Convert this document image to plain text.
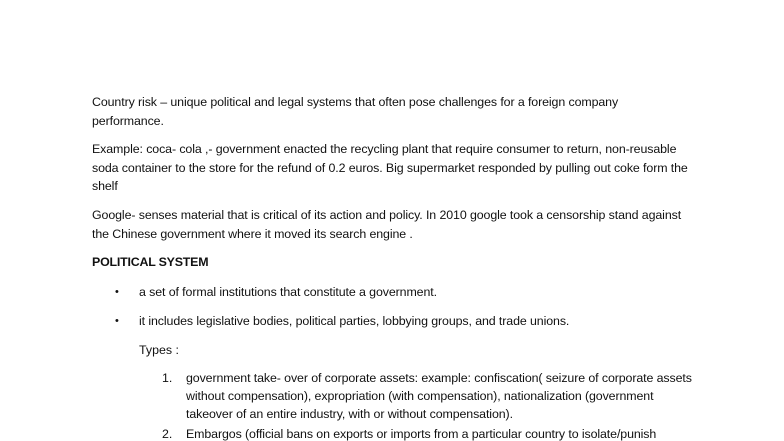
Country risk – unique political and legal systems that often pose challenges for a foreign company performance.

Example: coca- cola ,- government enacted the recycling plant that require consumer to return, non-reusable soda container to the store for the refund of 0.2 euros. Big supermarket responded by pulling out coke form the shelf

Google- senses material that is critical of its action and policy. In 2010 google took a censorship stand against the Chinese government where it moved its search engine .

POLITICAL SYSTEM
• a set of formal institutions that constitute a government.

• it includes legislative bodies, political parties, lobbying groups, and trade unions.

Types :

1. government take- over of corporate assets: example: confiscation( seizure of corporate assets without compensation), expropriation (with compensation), nationalization (government takeover of an entire industry, with or without compensation).

2. Embargos (official bans on exports or imports from a particular country to isolate/punish
